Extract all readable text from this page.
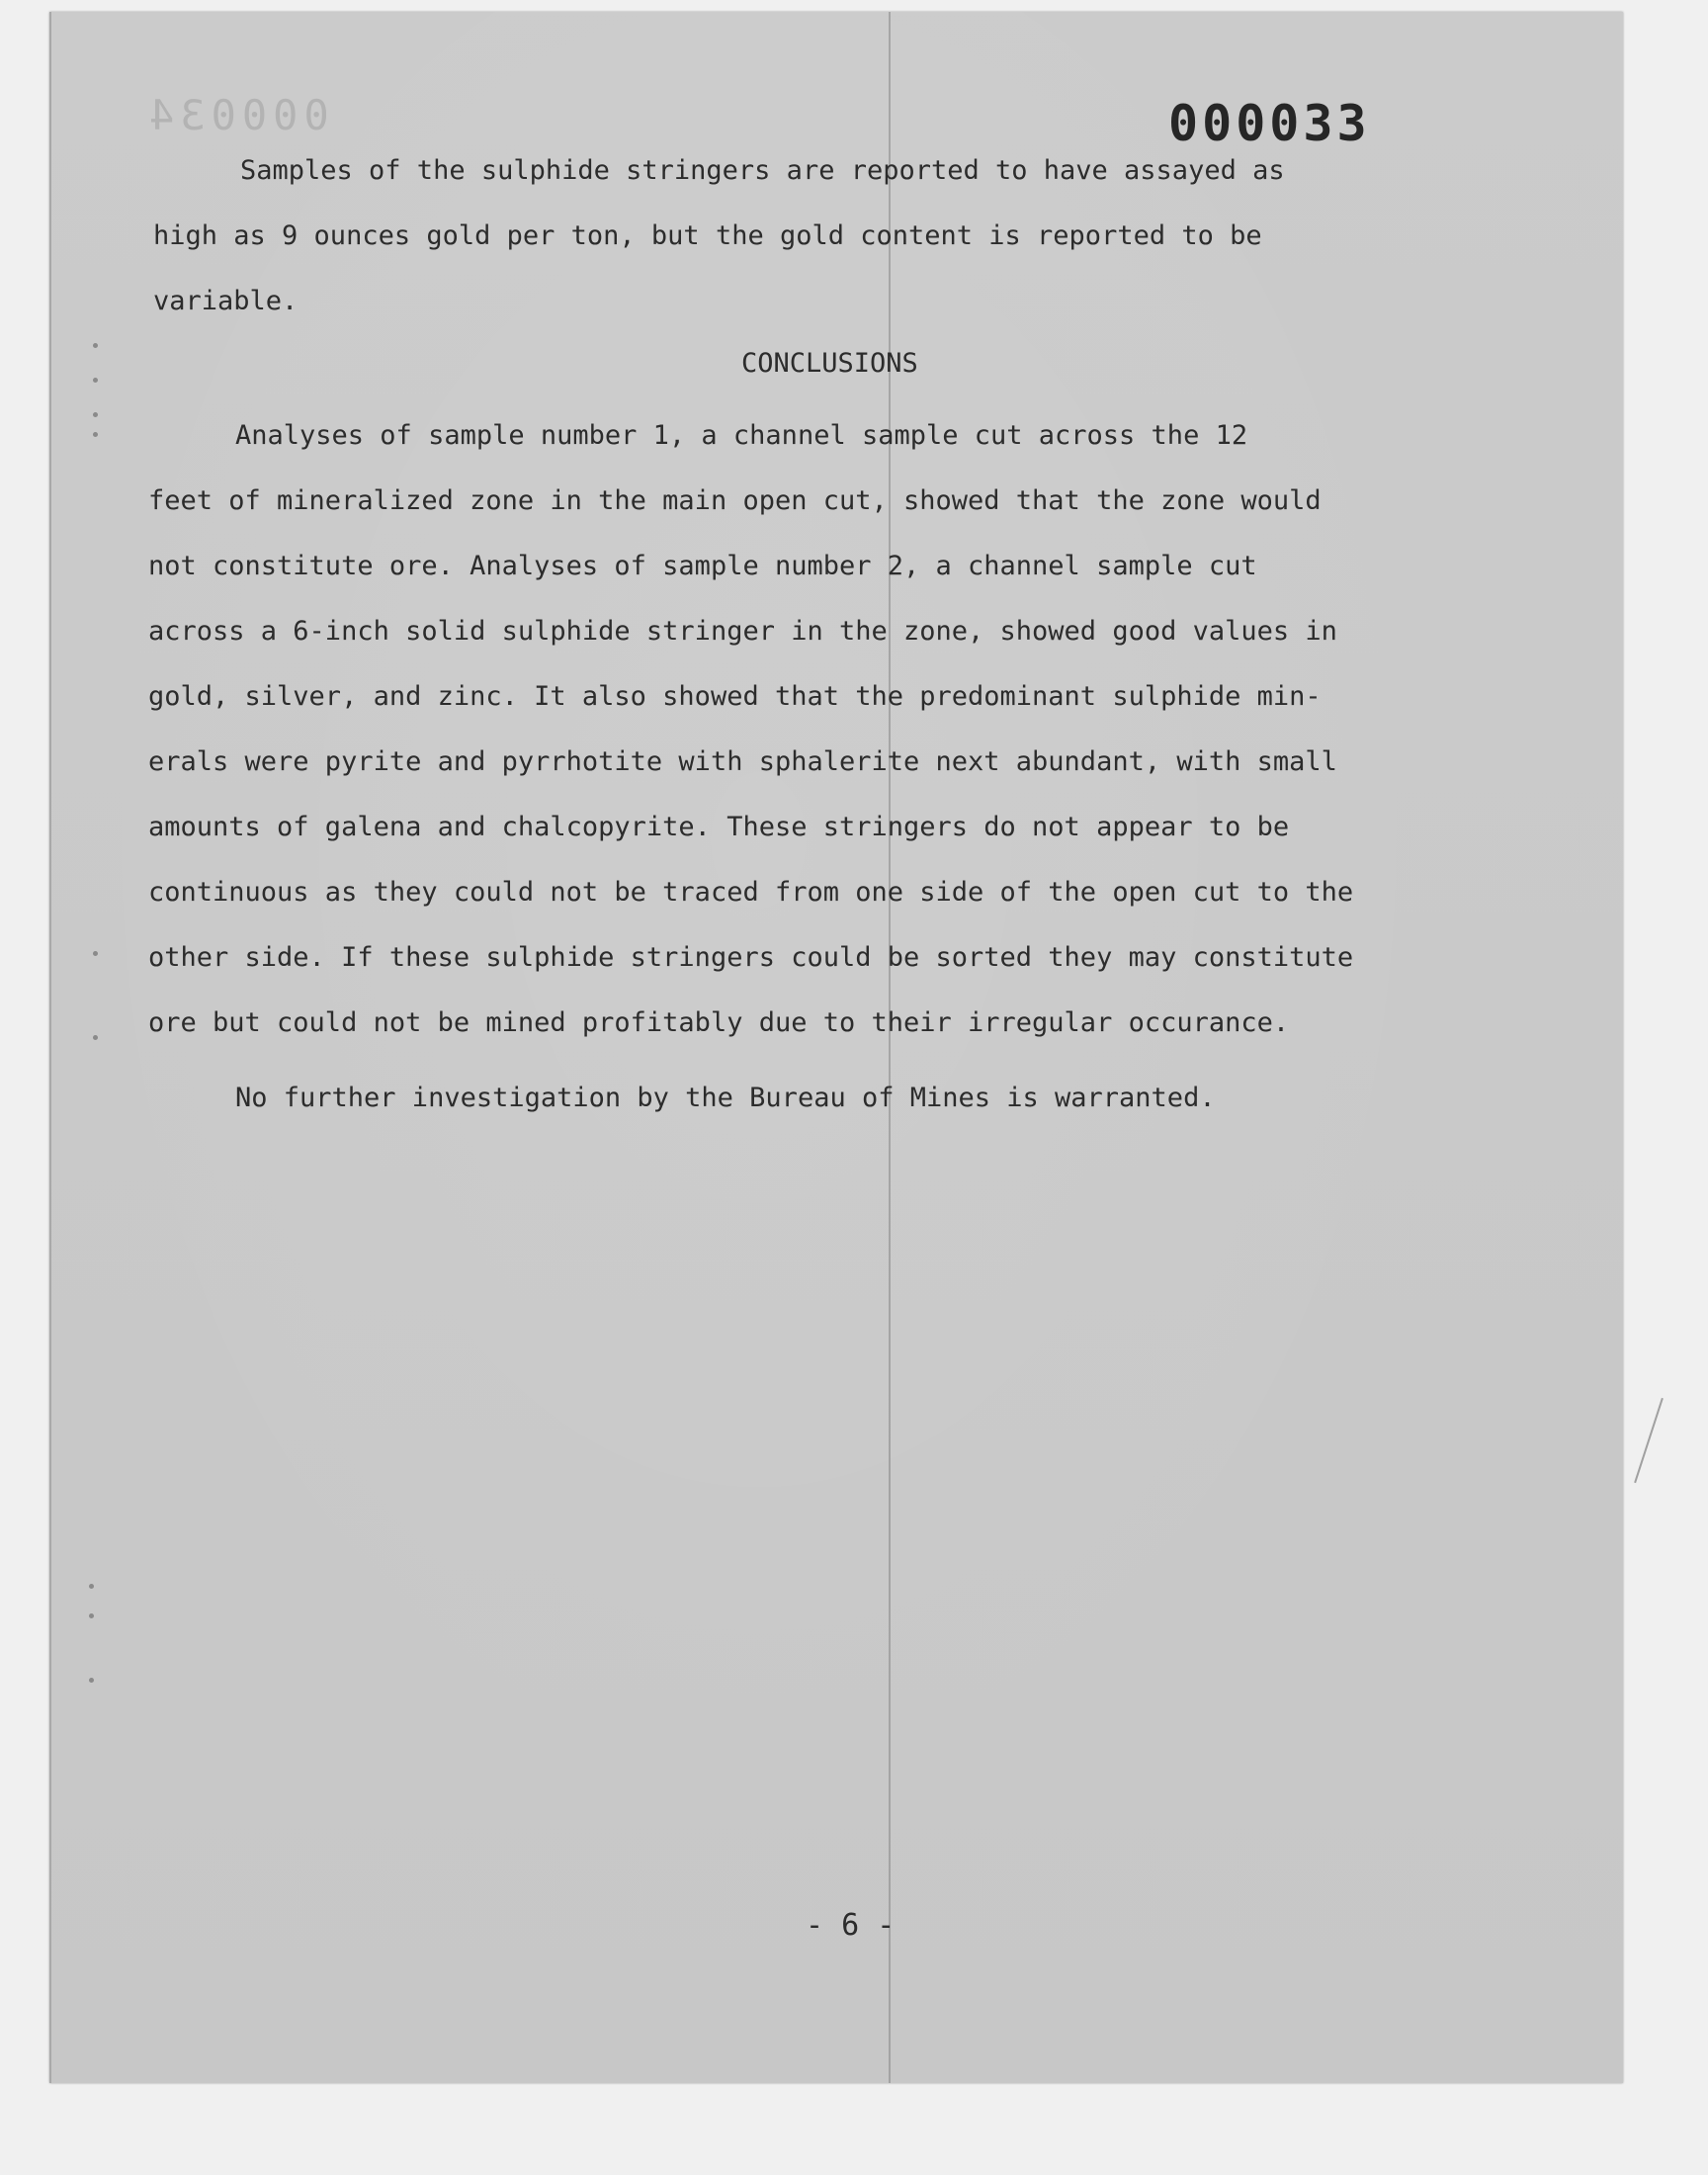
000034	000033
Samples of the sulphide stringers are reported to have assayed as
high as 9 ounces gold per ton, but the gold content is reported to be
variable.
CONCLUSIONS
Analyses of sample number 1, a channel sample cut across the 12
feet of mineralized zone in the main open cut, showed that the zone would
not constitute ore. Analyses of sample number 2, a channel sample cut
across a 6-inch solid sulphide stringer in the zone, showed good values in
gold, silver, and zinc. It also showed that the predominant sulphide min-
erals were pyrite and pyrrhotite with sphalerite next abundant, with small
amounts of galena and chalcopyrite. These stringers do not appear to be
continuous as they could not be traced from one side of the open cut to the
other side. If these sulphide stringers could be sorted they may constitute
ore but could not be mined profitably due to their irregular occurance.
No further investigation by the Bureau of Mines is warranted.
- 6 -
